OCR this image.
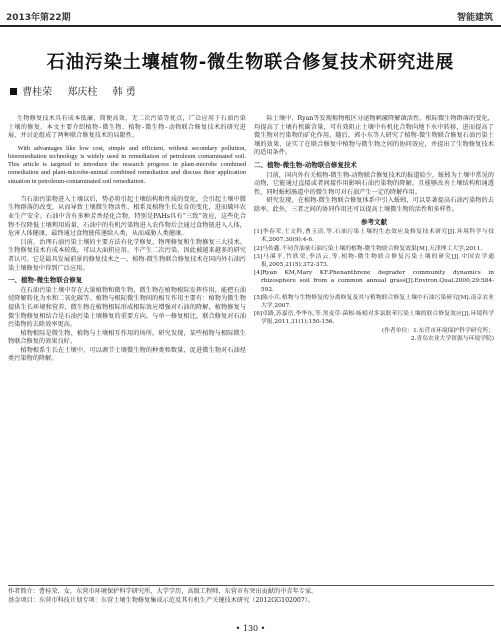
2013年第22期	智能建筑
石油污染土壤植物-微生物联合修复技术研究进展
曹桂荣 郑庆柱 韩 勇

生物修复技术具有成本低廉、简便高效、无二次污染等优点，广泛应用于石油污染土壤的修复。本文主要介绍植物-微生物、植物-微生物-动物联合修复技术的研究进展，并讨论组成了两种联合修复技术的局限性。

With advantages like low cost, simple and efficient, without secondary pollution, bioremediation technology is widely used in remediation of petroleum contaminated soil. This article is targeted to introduce the research progress in plant-microbe combined remediation and plant-microbe-animal combined remediation and discuss their application situation in petroleum-contaminated soil remediation.

当石油污染物进入土壤以后，势必将引起土壤结构和性质的变化，会引起土壤中微生物群落的改变，从而导致土壤微生物活性、根系及植物生长发育的变化，进而破坏农业生产安全。石油中含有多种芳香烃化合物，特别是PAHs具有“三致”效应，这些化合物不仅降低土壤利用质量，石油中的有机污染物进入农作物后会通过食物链进入人体，危害人体健康，最终通过食物链传递给人类，从而威胁人类健康。

目前，治理石油污染土壤的主要方法有化学修复、物理修复和生物修复三大技术。生物修复技术有成本较低，可以大面积应用，不产生二次污染，因此被越来越多的研究者认可。它是最具发展前景的修复技术之一。植物-微生物联合修复技术在国内外石油污染土壤修复中得到广泛应用。

一、植物-微生物联合修复

在石油污染土壤中存在大量植物和微生物，微生物在植物根际发挥作用，能把石油烃降解转化为水和二氧化碳等。植物与根际微生物间的相互作用主要有：植物为微生物提供生长环境和营养，微生物在植物根际形成根际效应增强对石油的降解，植物修复与微生物修复相结合是石油污染土壤修复的重要方向。与单一修复相比，联合修复对石油污染物的去除效率更高。

植物根际是微生物、植物与土壤相互作用的场所。研究发现，某些植物与根际微生物联合修复的效果良好。

植物根系生长在土壤中，可以调节土壤微生物的种类和数量，促进微生物对石油烃类污染物的降解。

际土壤中，Ryan等发现植物根区分泌物刺激降解菌活性，根际微生物群落的变化，均提高了土壤有机碳含量，可有效阻止土壤中有机化合物向地下水中转移，进而提高了微生物对污染物的矿化作用。随后，郭小东等人研究了植物-微生物联合修复石油污染土壤的效果，证实了在联合修复中植物与微生物之间的协同效应，并提出了生物修复技术的适用条件。

二、植物-微生物-动物联合修复技术

目前，国内外有关植物-微生物-动物联合修复技术的报道较少，蚯蚓为土壤中常见的动物，它能通过直接或者间接作用影响石油污染物的降解，且能够改善土壤结构和通透性，同时蚯蚓肠道中的微生物可对石油产生一定的降解作用。

研究发现，在植物-微生物联合修复体系中引入蚯蚓，可以显著提高石油污染物的去除率。此外，三者之间的协同作用还可以提高土壤微生物的活性和多样性。

参考文献

[1]李春荣,王文科,曹玉清,等.石油污染土壤的生态效应及修复技术研究[J].环境科学与技术,2007,30(9):4-6.

[2]马传鑫.不同含油量石油污染土壤的植物-微生物联合修复效果[M].天津理工大学,2011.

[3]马溪平,竹欣荣,李洁云,等.植物-微生物联合修复污染土壤的研究[J].中国农学通报,2005,21(5):372-373.

[4]Ryan KM,Mary KF.Phenanthrene degrader community dynamics in rhizosphere soil from a common annual grass[J].Environ.Qual.2000,29:584-592.

[5]陈小兵.植物与生物修复的分离修复及其与植物联合修复土壤中石油污染研究[M].南京农业大学,2007.

[6]卓路,苏嘉峦,李华东,等.黑麦草-菌根-蚯蚓对多氯联苯污染土壤的联合修复效应[J].环境科学学报,2011,31(1):150-156.

(作者单位：1.东营市环境保护科学研究所；

2.青岛农业大学资源与环境学院)

作者简介：曹桂荣，女，东营市环境保护科学研究所，大学学历，高级工程师，东营市有突出贡献的中青年专家。

基金项目：东营市科技计划专项：东营土壤生物修复集成示范及其有机生产关键技术研究（2012GG102007）。

• 130 •
